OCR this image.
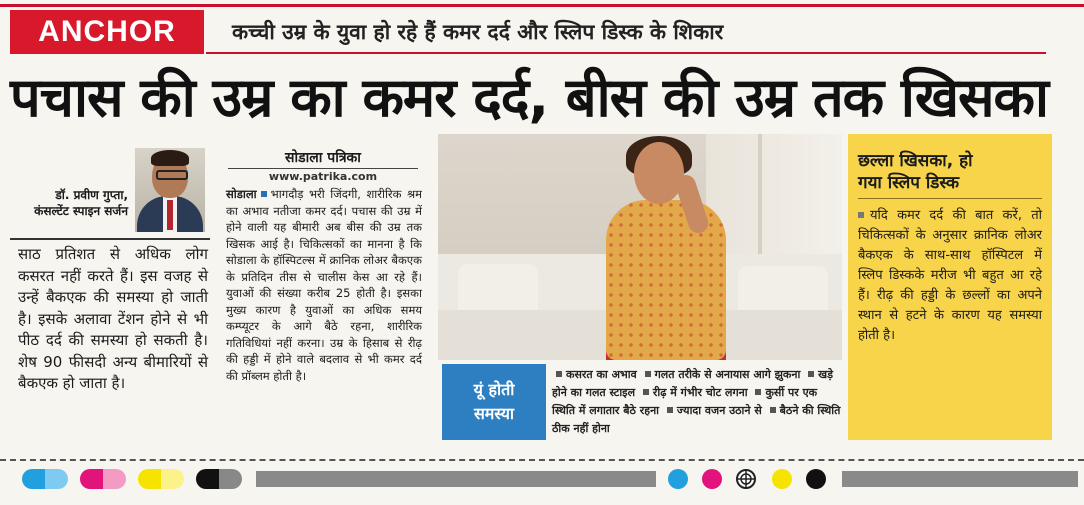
ANCHOR	कच्ची उम्र के युवा हो रहे हैं कमर दर्द और स्लिप डिस्क के शिकार
पचास की उम्र का कमर दर्द, बीस की उम्र तक खिसका
डॉ. प्रवीण गुप्ता,
कंसल्टेंट स्पाइन सर्जन
साठ प्रतिशत से अधिक लोग कसरत नहीं करते हैं। इस वजह से उन्हें बैकएक की समस्या हो जाती है। इसके अलावा टेंशन होने से भी पीठ दर्द की समस्या हो सकती है। शेष 90 फीसदी अन्य बीमारियों से बैकएक हो जाता है।
सोडाला पत्रिका
www.patrika.com
सोडाला भागदौड़ भरी जिंदगी, शारीरिक श्रम का अभाव नतीजा कमर दर्द। पचास की उम्र में होने वाली यह बीमारी अब बीस की उम्र तक खिसक आई है। चिकित्सकों का मानना है कि सोडाला के हॉस्पिटल्स में क्रानिक लोअर बैकएक के प्रतिदिन तीस से चालीस केस आ रहे हैं। युवाओं की संख्या करीब 25 होती है। इसका मुख्य कारण है युवाओं का अधिक समय कम्प्यूटर के आगे बैठे रहना, शारीरिक गतिविधियां नहीं करना। उम्र के हिसाब से रीढ़ की हड्डी में होने वाले बदलाव से भी कमर दर्द की प्रॉब्लम होती है।
छल्ला खिसका, हो
गया स्लिप डिस्क
यदि कमर दर्द की बात करें, तो चिकित्सकों के अनुसार क्रानिक लोअर बैकएक के साथ-साथ हॉस्पिटल में स्लिप डिस्कके मरीज भी बहुत आ रहे हैं। रीढ़ की हड्डी के छल्लों का अपने स्थान से हटने के कारण यह समस्या होती है।
यूं होती
समस्या
कसरत का अभाव गलत तरीके से अनायास आगे झुकना खड़े होने का गलत स्टाइल रीढ़ में गंभीर चोट लगना कुर्सी पर एक स्थिति में लगातार बैठे रहना ज्यादा वजन उठाने से बैठने की स्थिति ठीक नहीं होना
